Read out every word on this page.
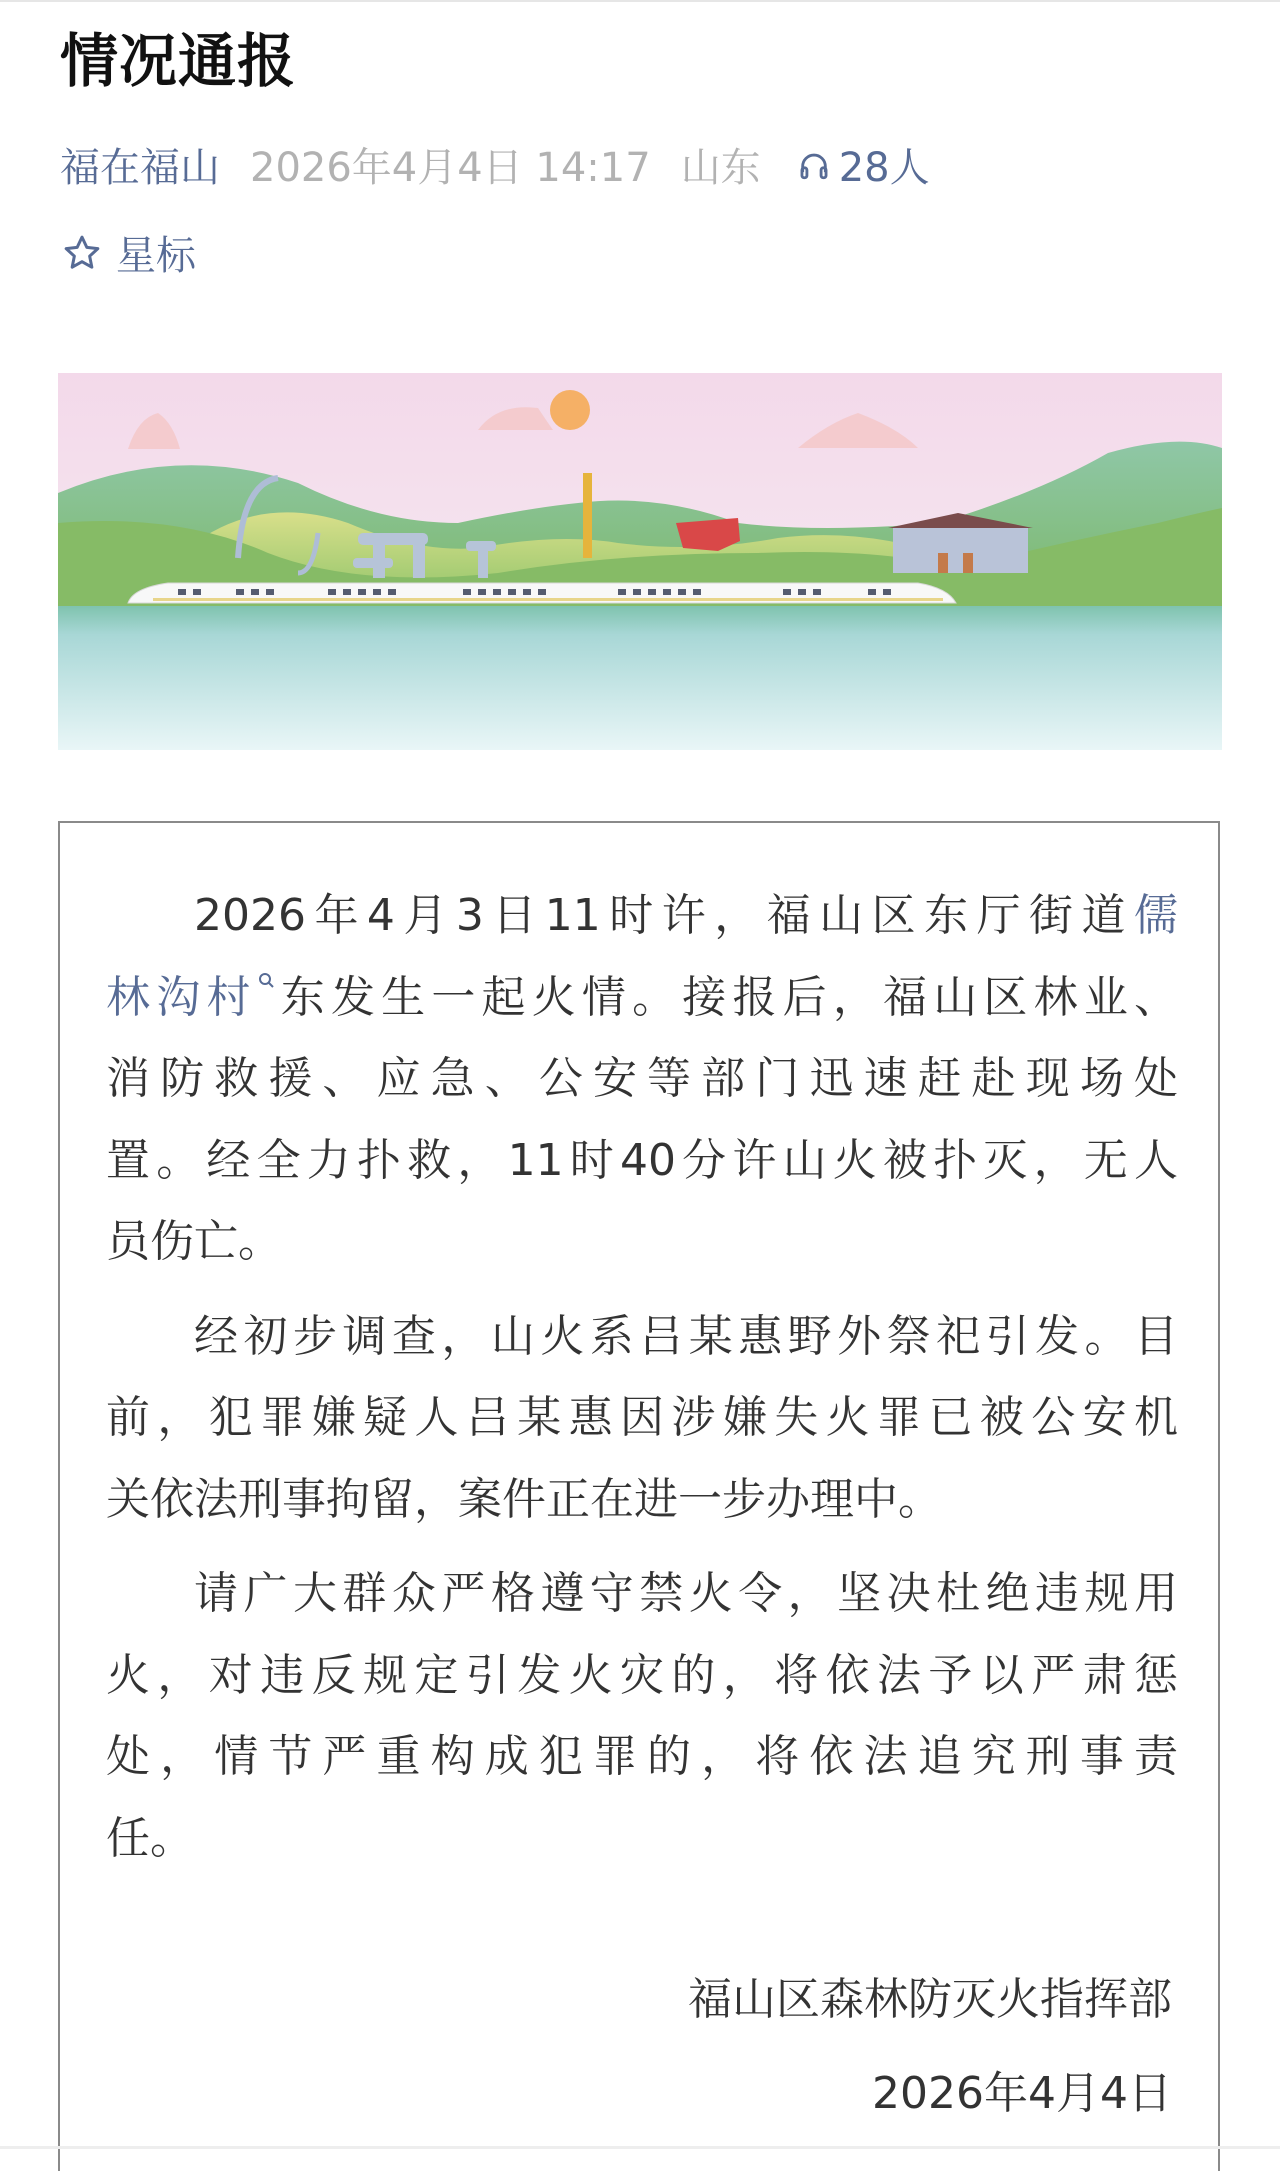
情况通报
福在福山 2026年4月4日 14:17 山东 28人
星标
2026年4月3日11时许，福山区东厅街道儒
林沟村 东发生一起火情。接报后，福山区林业、
消防救援、应急、公安等部门迅速赶赴现场处
置。经全力扑救，11时40分许山火被扑灭，无人
员伤亡。
经初步调查，山火系吕某惠野外祭祀引发。目
前，犯罪嫌疑人吕某惠因涉嫌失火罪已被公安机
关依法刑事拘留，案件正在进一步办理中。
请广大群众严格遵守禁火令，坚决杜绝违规用
火，对违反规定引发火灾的，将依法予以严肃惩
处，情节严重构成犯罪的，将依法追究刑事责
任。
福山区森林防灭火指挥部
2026年4月4日
